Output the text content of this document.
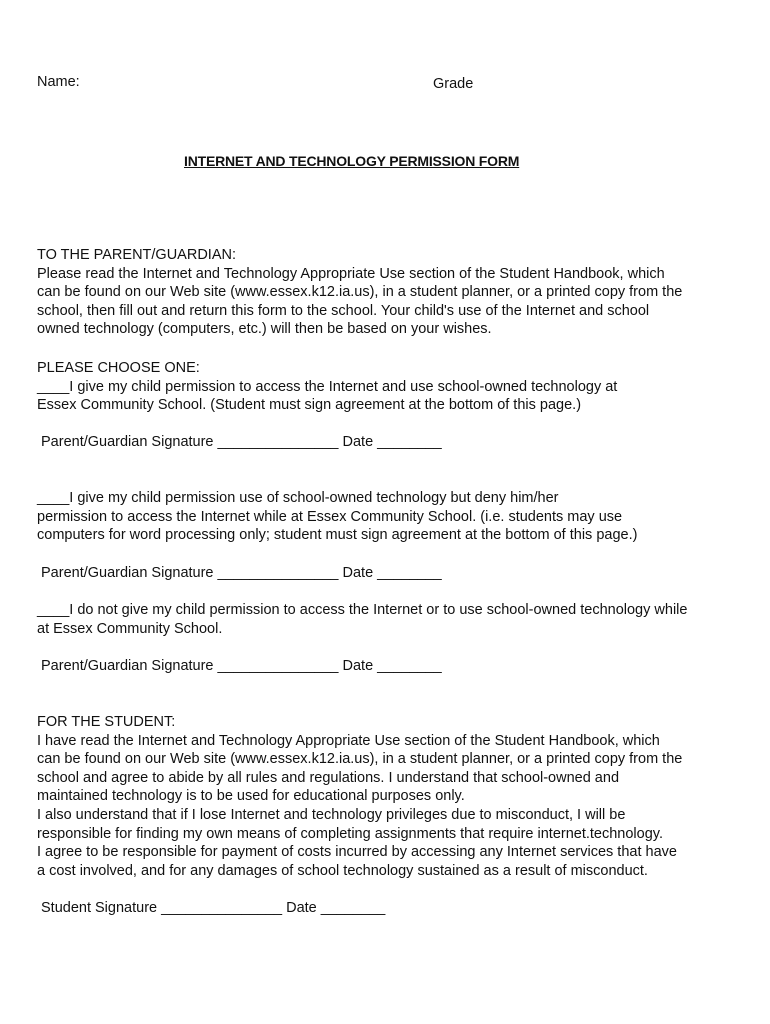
Name:	Grade
INTERNET AND TECHNOLOGY PERMISSION FORM

TO THE PARENT/GUARDIAN:

Please read the Internet and Technology Appropriate Use section of the Student Handbook, which

can be found on our Web site (www.essex.k12.ia.us), in a student planner, or a printed copy from the

school, then fill out and return this form to the school. Your child's use of the Internet and school

owned technology (computers, etc.) will then be based on your wishes.

PLEASE CHOOSE ONE:

____I give my child permission to access the Internet and use school-owned technology at

Essex Community School. (Student must sign agreement at the bottom of this page.)

Parent/Guardian Signature _______________ Date ________

____I give my child permission use of school-owned technology but deny him/her

permission to access the Internet while at Essex Community School. (i.e. students may use

computers for word processing only; student must sign agreement at the bottom of this page.)

Parent/Guardian Signature _______________ Date ________

____I do not give my child permission to access the Internet or to use school-owned technology while

at Essex Community School.

Parent/Guardian Signature _______________ Date ________

FOR THE STUDENT:

I have read the Internet and Technology Appropriate Use section of the Student Handbook, which

can be found on our Web site (www.essex.k12.ia.us), in a student planner, or a printed copy from the

school and agree to abide by all rules and regulations. I understand that school-owned and

maintained technology is to be used for educational purposes only.

I also understand that if I lose Internet and technology privileges due to misconduct, I will be

responsible for finding my own means of completing assignments that require internet.technology.

I agree to be responsible for payment of costs incurred by accessing any Internet services that have

a cost involved, and for any damages of school technology sustained as a result of misconduct.

Student Signature _______________ Date ________
